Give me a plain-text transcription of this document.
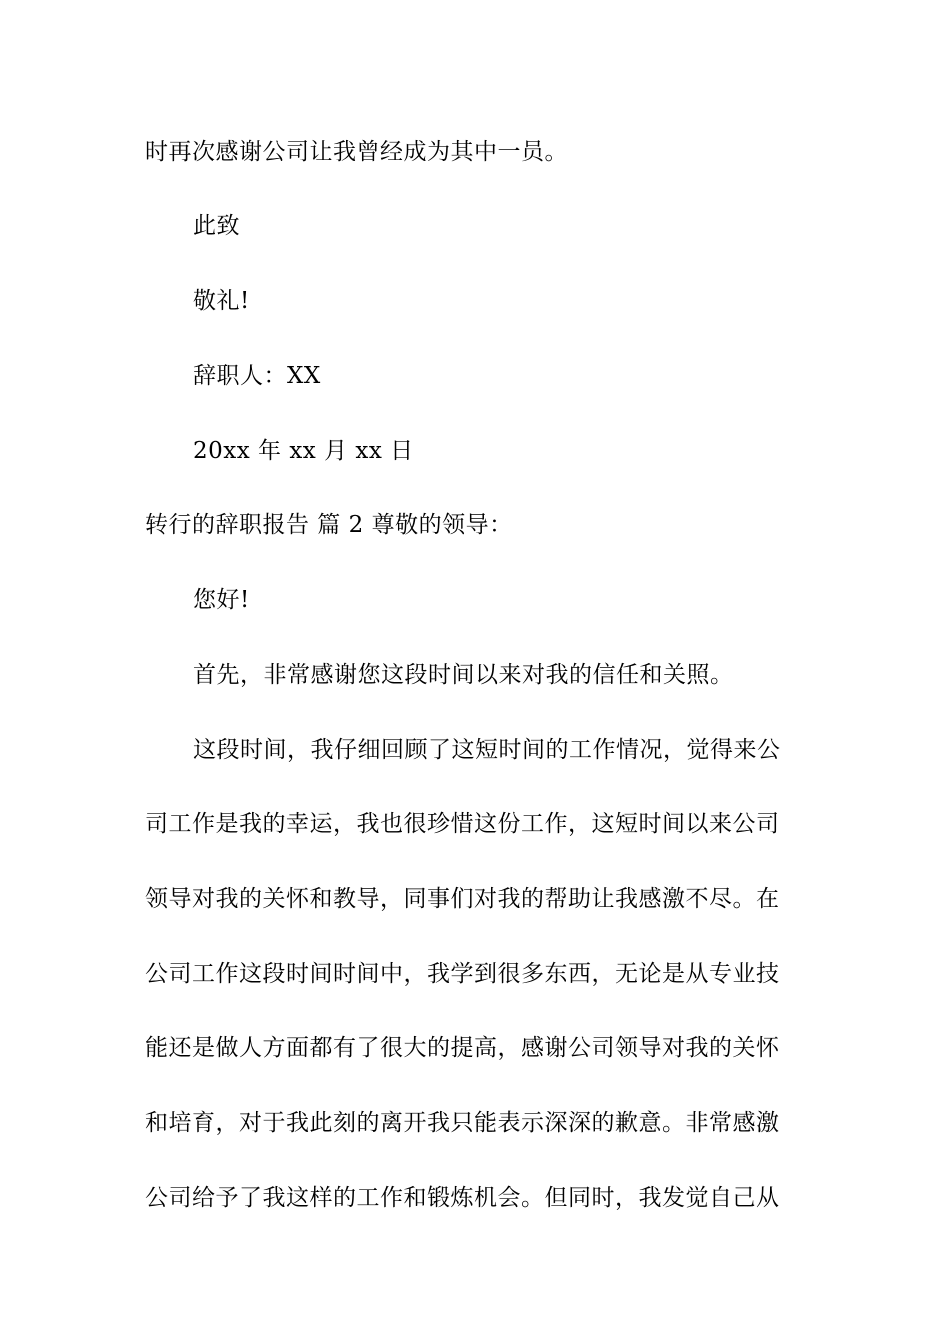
时再次感谢公司让我曾经成为其中一员。
此致
敬礼!
辞职人：XX
20xx 年 xx 月 xx 日
转行的辞职报告 篇 2 尊敬的领导：
您好!
首先，非常感谢您这段时间以来对我的信任和关照。
这段时间，我仔细回顾了这短时间的工作情况，觉得来公
司工作是我的幸运，我也很珍惜这份工作，这短时间以来公司
领导对我的关怀和教导，同事们对我的帮助让我感激不尽。在
公司工作这段时间时间中，我学到很多东西，无论是从专业技
能还是做人方面都有了很大的提高，感谢公司领导对我的关怀
和培育，对于我此刻的离开我只能表示深深的歉意。非常感激
公司给予了我这样的工作和锻炼机会。但同时，我发觉自己从
